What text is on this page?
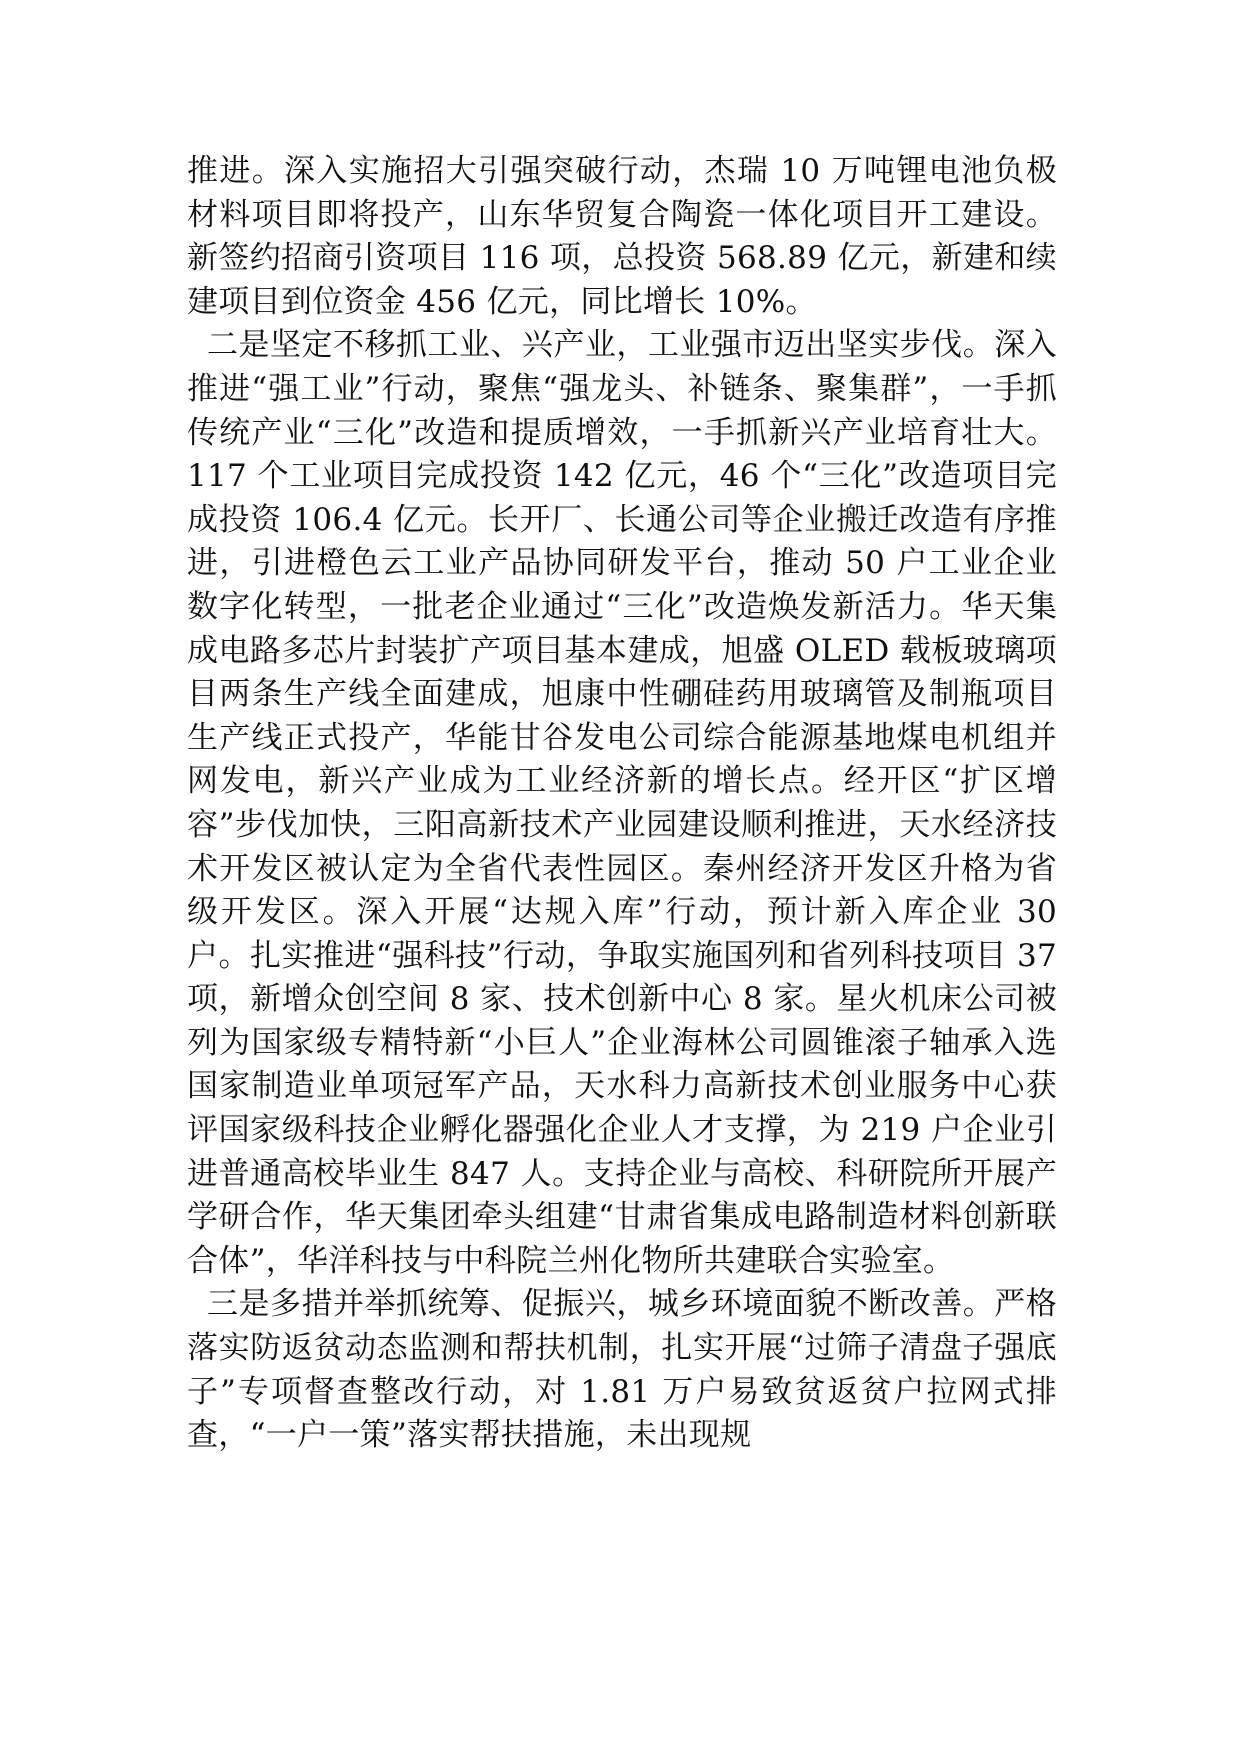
推进。深入实施招大引强突破行动，杰瑞 10 万吨锂电池负极材料项目即将投产，山东华贸复合陶瓷一体化项目开工建设。新签约招商引资项目 116 项，总投资 568.89 亿元，新建和续建项目到位资金 456 亿元，同比增长 10%。

二是坚定不移抓工业、兴产业，工业强市迈出坚实步伐。深入推进“强工业”行动，聚焦“强龙头、补链条、聚集群”，一手抓传统产业“三化”改造和提质增效，一手抓新兴产业培育壮大。117 个工业项目完成投资 142 亿元，46 个“三化”改造项目完成投资 106.4 亿元。长开厂、长通公司等企业搬迁改造有序推进，引进橙色云工业产品协同研发平台，推动 50 户工业企业数字化转型，一批老企业通过“三化”改造焕发新活力。华天集成电路多芯片封装扩产项目基本建成，旭盛 OLED 载板玻璃项目两条生产线全面建成，旭康中性硼硅药用玻璃管及制瓶项目生产线正式投产，华能甘谷发电公司综合能源基地煤电机组并网发电，新兴产业成为工业经济新的增长点。经开区“扩区增容”步伐加快，三阳高新技术产业园建设顺利推进，天水经济技术开发区被认定为全省代表性园区。秦州经济开发区升格为省级开发区。深入开展“达规入库”行动，预计新入库企业 30 户。扎实推进“强科技”行动，争取实施国列和省列科技项目 37 项，新增众创空间 8 家、技术创新中心 8 家。星火机床公司被列为国家级专精特新“小巨人”企业海林公司圆锥滚子轴承入选国家制造业单项冠军产品，天水科力高新技术创业服务中心获评国家级科技企业孵化器强化企业人才支撑，为 219 户企业引进普通高校毕业生 847 人。支持企业与高校、科研院所开展产学研合作，华天集团牵头组建“甘肃省集成电路制造材料创新联合体”，华洋科技与中科院兰州化物所共建联合实验室。

三是多措并举抓统筹、促振兴，城乡环境面貌不断改善。严格落实防返贫动态监测和帮扶机制，扎实开展“过筛子清盘子强底子”专项督查整改行动，对 1.81 万户易致贫返贫户拉网式排查，“一户一策”落实帮扶措施，未出现规
